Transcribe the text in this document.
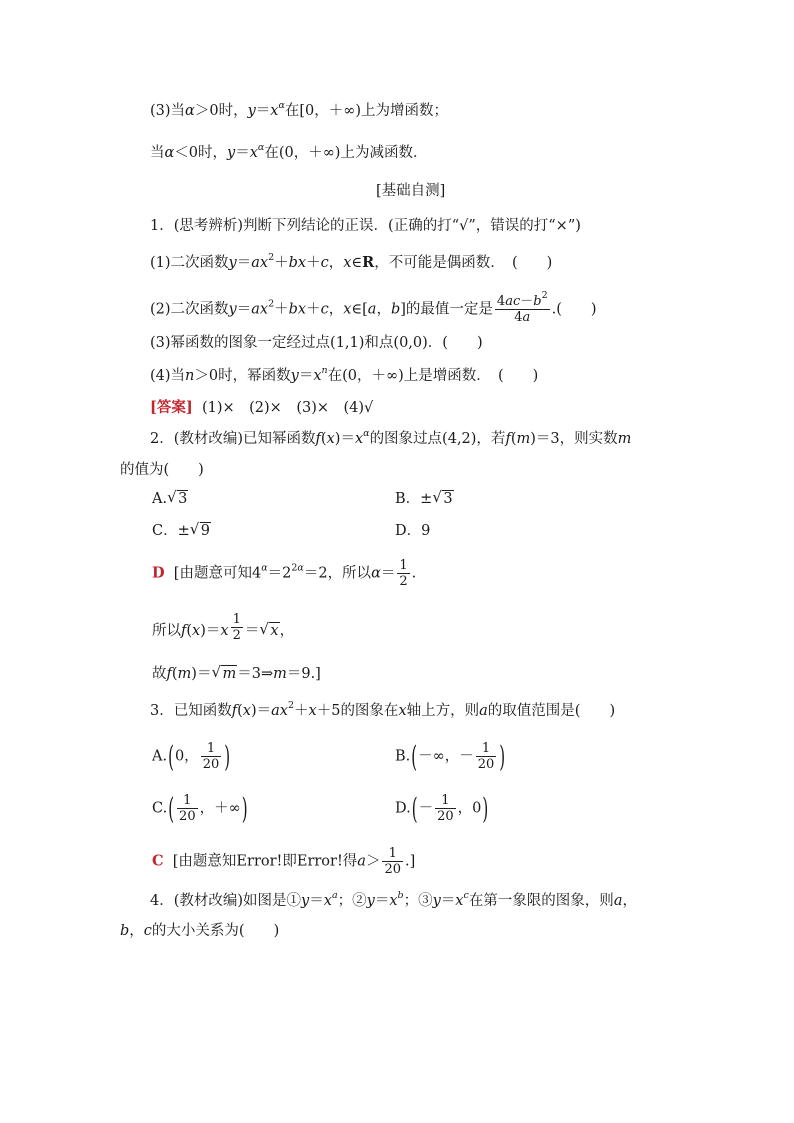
(3)当α＞0时，$y=x^\alpha$在[0，＋∞)上为增函数；
当α＜0时，$y=x^\alpha$在(0，＋∞)上为减函数．
[基础自测]
1．(思考辨析)判断下列结论的正误．(正确的打“√”，错误的打“×”)
(1)二次函数$y=ax^2+bx+c$，x∈R，不可能是偶函数．　(　　)
(2)二次函数$y=ax^2+bx+c$，x∈[a，b]的最值一定是 $\frac{4ac-b^2}{4a}$ .(　　)
(3)幂函数的图象一定经过点(1,1)和点(0,0)．(　　)
(4)当n＞0时，幂函数$y=x^n$在(0，＋∞)上是增函数．　(　　)
[答案] (1)×　(2)×　(3)×　(4)√
2．(教材改编)已知幂函数$f(x)=x^\alpha$的图象过点(4,2)，若f(m)＝3，则实数m
的值为(　　)
A. √ 3	B．± √ 3
C．± √ 9	D．9
D [由题意可知$4^\alpha=2^{2\alpha}=2$，所以$\alpha= \frac{1}{2}$ .
所以$f(x)=x \frac{1}{2}$ ＝ √ x，
故f(m)＝ √ m＝3⇒m＝9.]
3．已知函数$f(x)=ax^2+x+5$的图象在x轴上方，则a的取值范围是(　　)
A.(0， $\frac{1}{20}$ )	B.(－∞，－ $\frac{1}{20}$ )
$C.( \frac{1}{20}$ ，＋∞)	$D.(- \frac{1}{20}$ ，0)
C [由题意知Error!即Error!得$a> \frac{1}{20}$ .]
4．(教材改编)如图是$①y=x^a$；$②y=x^b$；$③y=x^c$在第一象限的图象，则a，
b，c的大小关系为(　　)
